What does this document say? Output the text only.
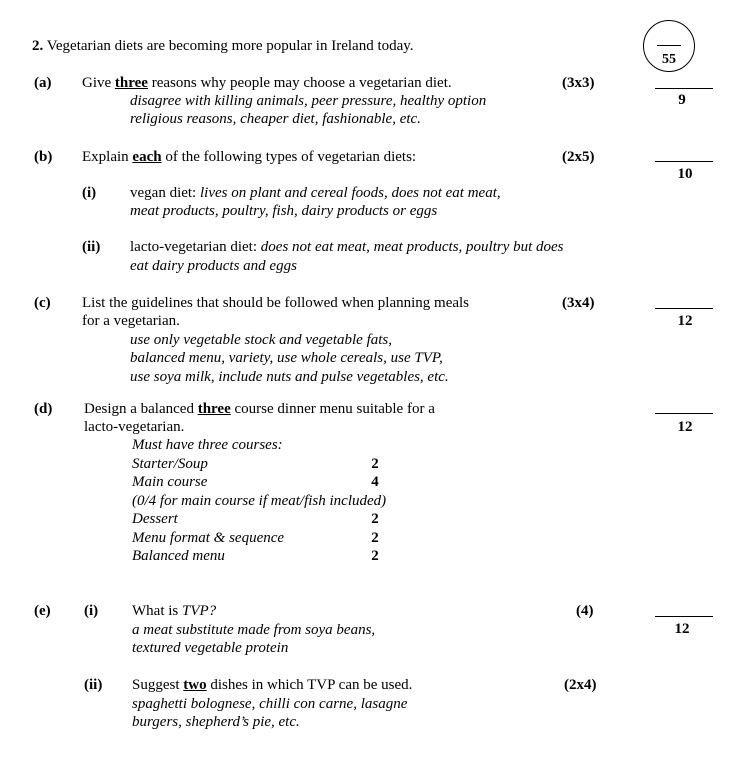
2. Vegetarian diets are becoming more popular in Ireland today.
55
(a) Give three reasons why people may choose a vegetarian diet.	(3x3)
disagree with killing animals, peer pressure, healthy option
religious reasons, cheaper diet, fashionable, etc.
9
(b) Explain each of the following types of vegetarian diets:	(2x5)
10
(i) vegan diet: lives on plant and cereal foods, does not eat meat,
meat products, poultry, fish, dairy products or eggs
(ii) lacto-vegetarian diet: does not eat meat, meat products, poultry but does
eat dairy products and eggs
(c) List the guidelines that should be followed when planning meals
for a vegetarian.
(3x4)
use only vegetable stock and vegetable fats,
balanced menu, variety, use whole cereals, use TVP,
use soya milk, include nuts and pulse vegetables, etc.
12
(d) Design a balanced three course dinner menu suitable for a
lacto-vegetarian.	12
Must have three courses:
Starter/Soup	2
Main course	4
(0/4 for main course if meat/fish included)
Dessert	2
Menu format & sequence	2
Balanced menu	2
(e)
12
(i) What is TVP?	(4)
a meat substitute made from soya beans,
textured vegetable protein
(ii) Suggest two dishes in which TVP can be used.	(2x4)
spaghetti bolognese, chilli con carne, lasagne
burgers, shepherd’s pie, etc.
